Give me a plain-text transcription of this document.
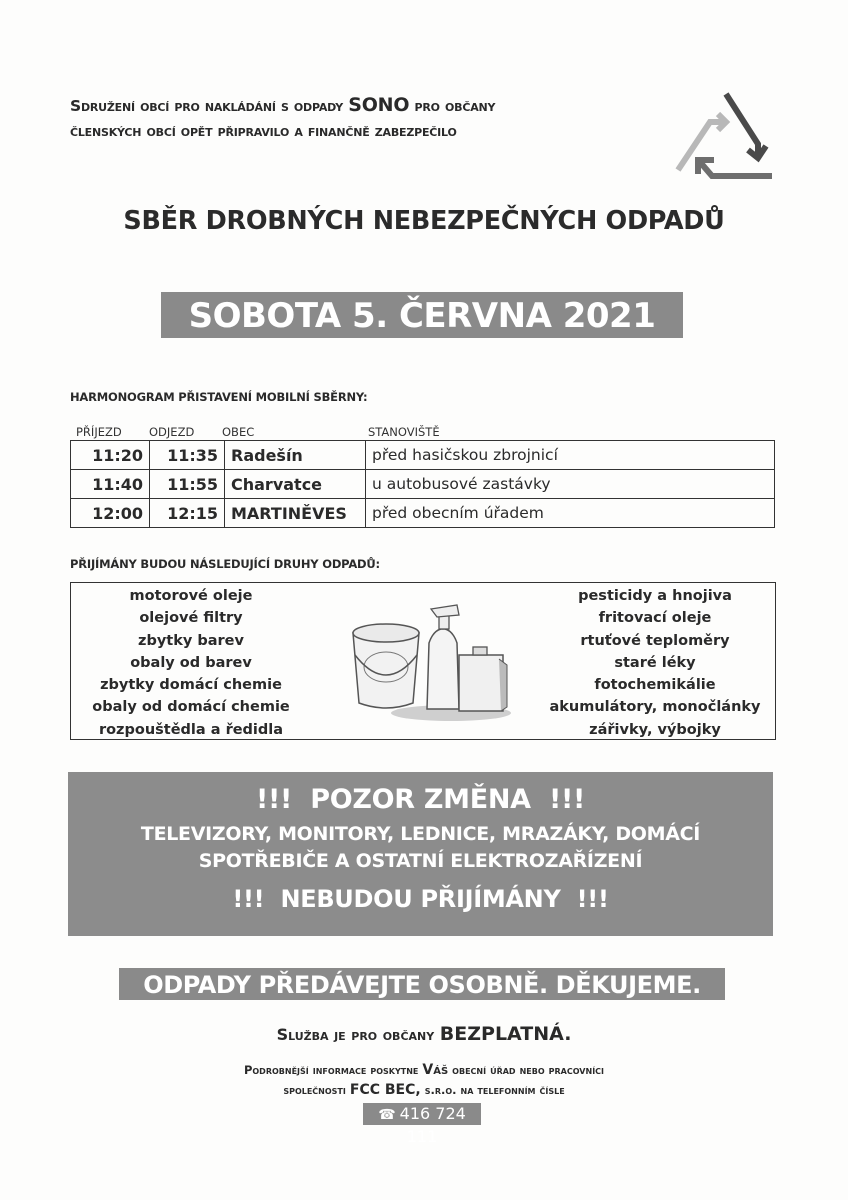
Sdružení obcí pro nakládání s odpady SONO pro občany
členských obcí opět připravilo a finančně zabezpečilo
SBĚR DROBNÝCH NEBEZPEČNÝCH ODPADŮ
SOBOTA 5. ČERVNA 2021
HARMONOGRAM PŘISTAVENÍ MOBILNÍ SBĚRNY:
PŘÍJEZD ODJEZD OBEC	STANOVIŠTĚ
11:20	11:35	Radešín	před hasičskou zbrojnicí
11:40	11:55	Charvatce	u autobusové zastávky
12:00	12:15	MARTINĚVES	před obecním úřadem
PŘIJÍMÁNY BUDOU NÁSLEDUJÍCÍ DRUHY ODPADŮ:
motorové oleje
olejové filtry
zbytky barev
obaly od barev
zbytky domácí chemie
obaly od domácí chemie
rozpouštědla a ředidla
pesticidy a hnojiva
fritovací oleje
rtuťové teploměry
staré léky
fotochemikálie
akumulátory, monočlánky
zářivky, výbojky
!!!  POZOR ZMĚNA  !!!
TELEVIZORY, MONITORY, LEDNICE, MRAZÁKY, DOMÁCÍ
SPOTŘEBIČE A OSTATNÍ ELEKTROZAŘÍZENÍ
!!!  NEBUDOU PŘIJÍMÁNY  !!!
ODPADY PŘEDÁVEJTE OSOBNĚ. DĚKUJEME.
Služba je pro občany BEZPLATNÁ.
Podrobnější informace poskytne Váš obecní úřad nebo pracovníci
společnosti FCC BEC, s.r.o. na telefonním čísle
☎ 416 724 111
